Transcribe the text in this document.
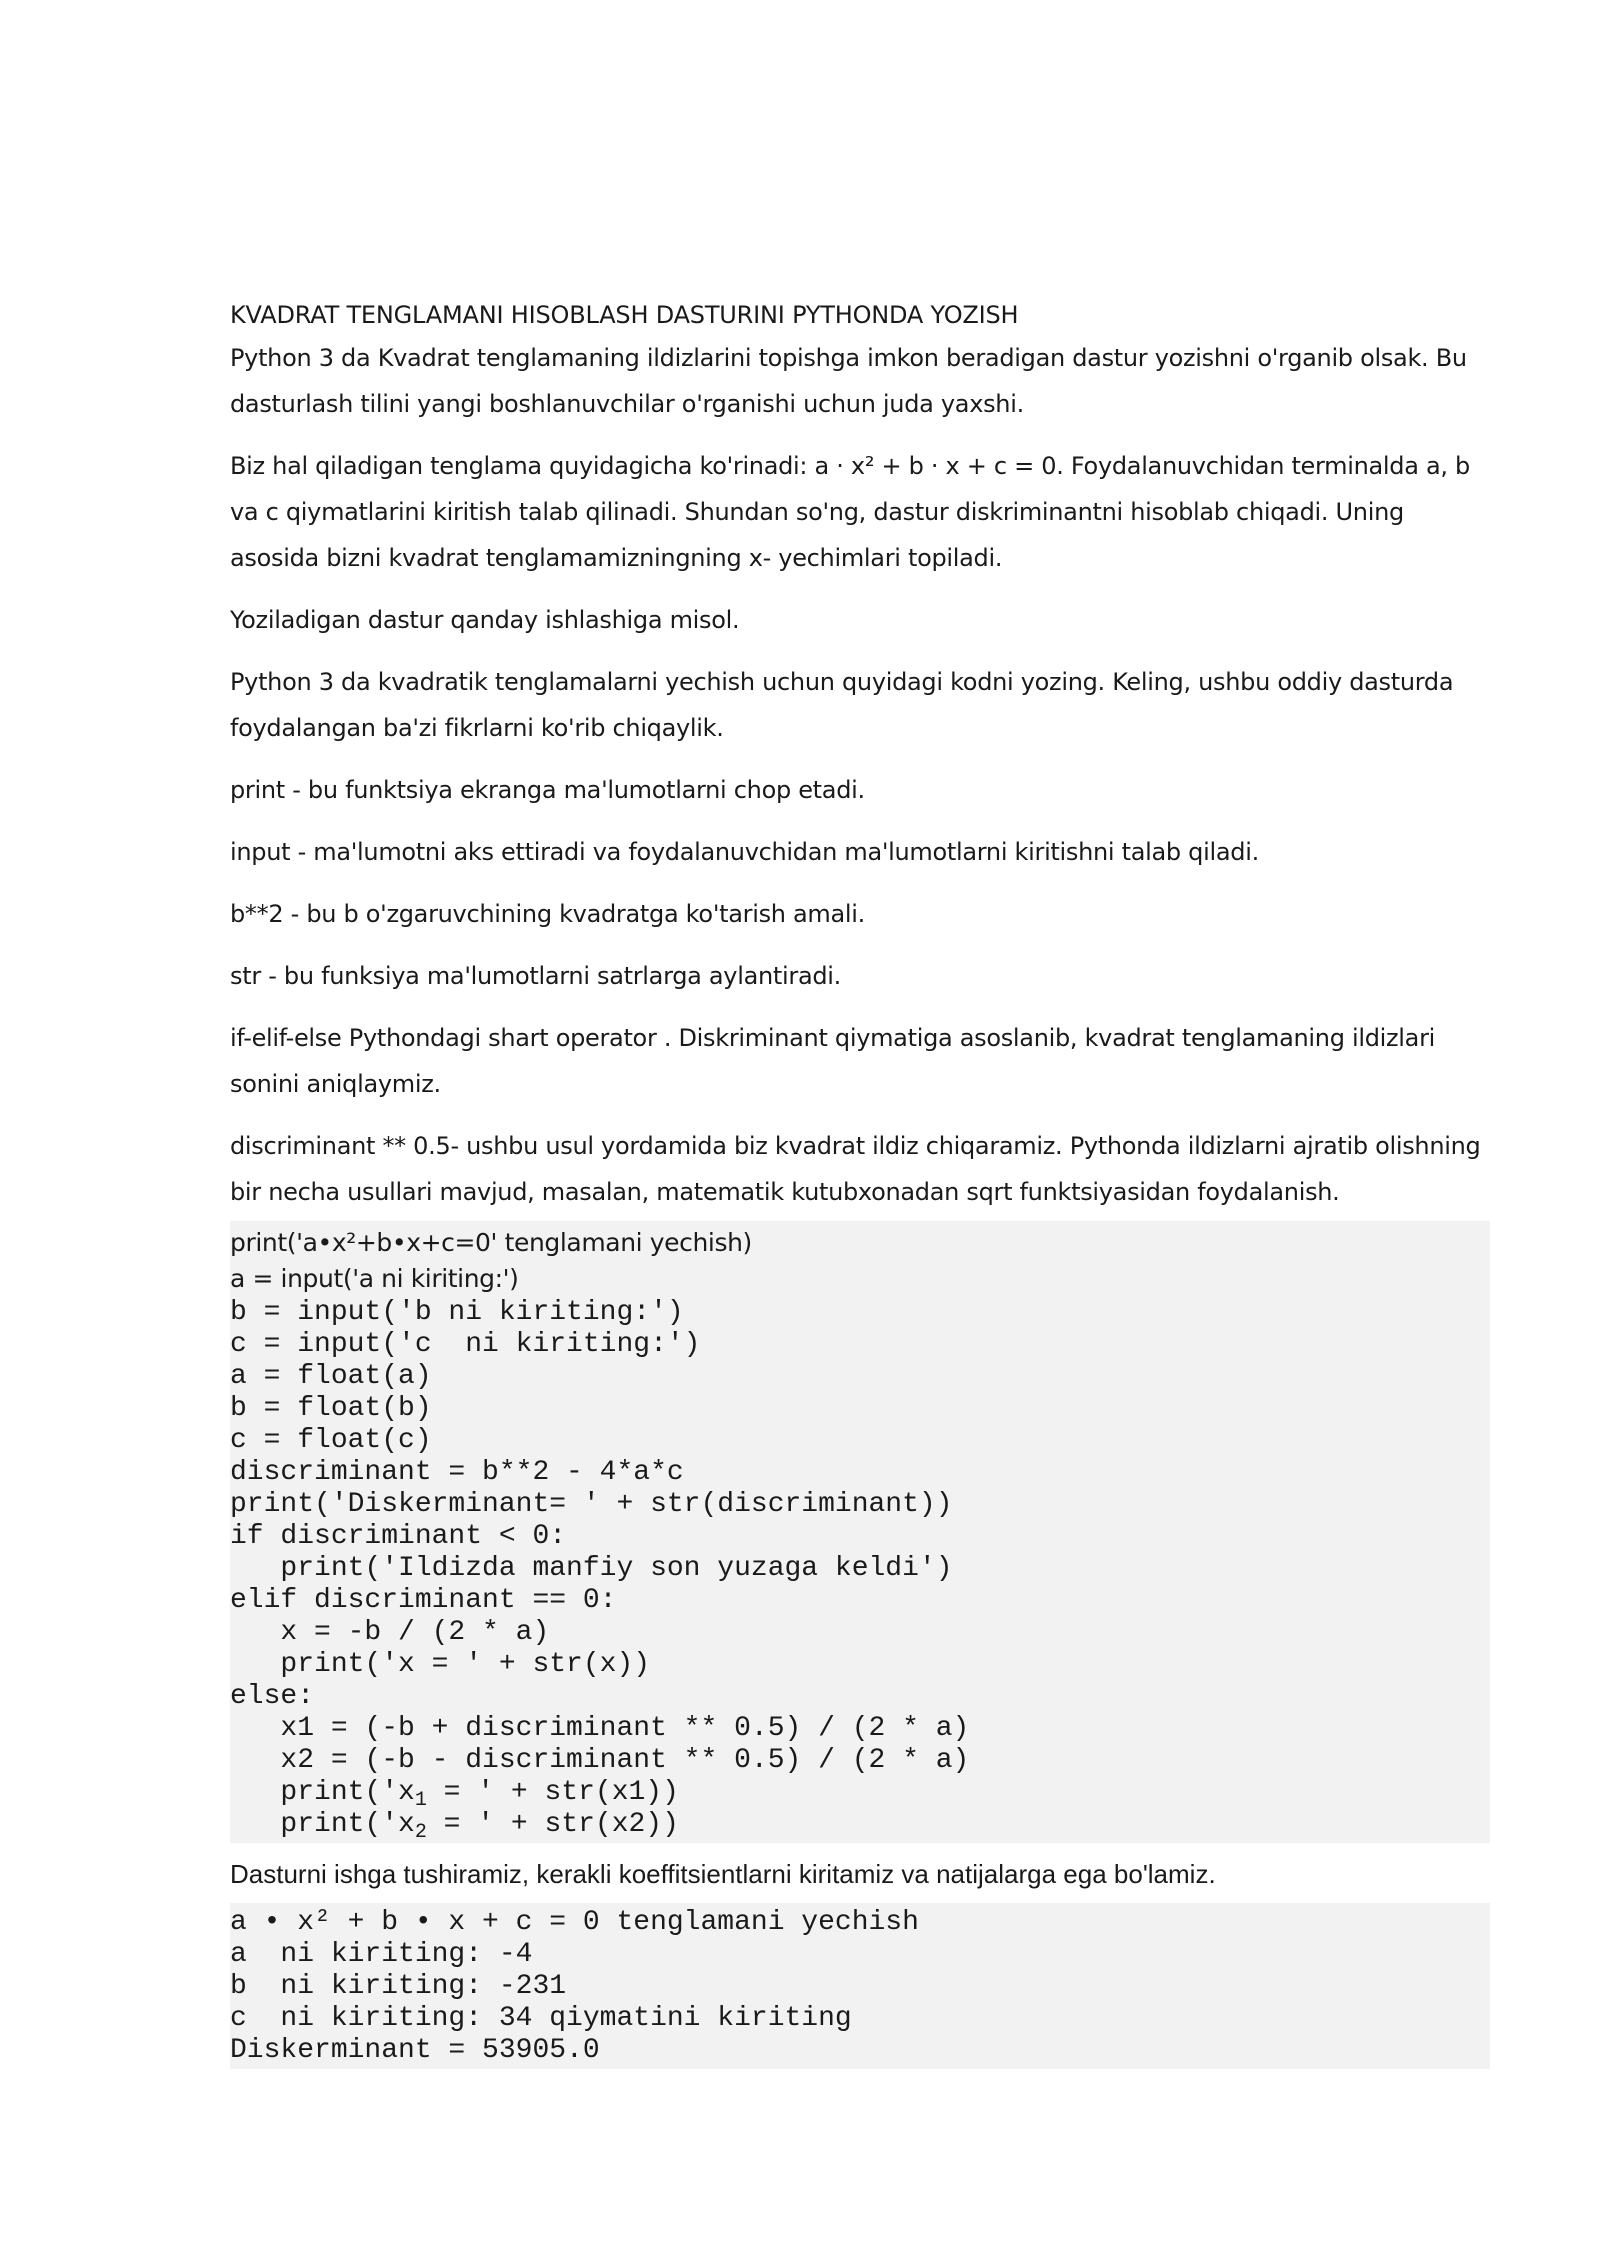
KVADRAT TENGLAMANI HISOBLASH DASTURINI PYTHONDA YOZISH

Python 3 da Kvadrat tenglamaning ildizlarini topishga imkon beradigan dastur yozishni o'rganib olsak. Bu dasturlash tilini yangi boshlanuvchilar o'rganishi uchun juda yaxshi.

Biz hal qiladigan tenglama quyidagicha ko'rinadi: a · x² + b · x + c = 0. Foydalanuvchidan terminalda a, b va c qiymatlarini kiritish talab qilinadi. Shundan so'ng, dastur diskriminantni hisoblab chiqadi. Uning asosida bizni kvadrat tenglamamizningning x- yechimlari topiladi.

Yoziladigan dastur qanday ishlashiga misol.

Python 3 da kvadratik tenglamalarni yechish uchun quyidagi kodni yozing. Keling, ushbu oddiy dasturda foydalangan ba'zi fikrlarni ko'rib chiqaylik.

print - bu funktsiya ekranga ma'lumotlarni chop etadi.

input - ma'lumotni aks ettiradi va foydalanuvchidan ma'lumotlarni kiritishni talab qiladi.

b**2 - bu b o'zgaruvchining kvadratga ko'tarish amali.

str - bu funksiya ma'lumotlarni satrlarga aylantiradi.

if-elif-else Pythondagi shart operator . Diskriminant qiymatiga asoslanib, kvadrat tenglamaning ildizlari sonini aniqlaymiz.

discriminant ** 0.5- ushbu usul yordamida biz kvadrat ildiz chiqaramiz. Pythonda ildizlarni ajratib olishning bir necha usullari mavjud, masalan, matematik kutubxonadan sqrt funktsiyasidan foydalanish.

print('a•x²+b•x+c=0' tenglamani yechish)
a = input('a ni kiriting:')
b = input('b ni kiriting:')
c = input('c  ni kiriting:')
a = float(a)
b = float(b)
c = float(c)
discriminant = b**2 - 4*a*c
print('Diskerminant= ' + str(discriminant))
if discriminant < 0:
print('Ildizda manfiy son yuzaga keldi')
elif discriminant == 0:
x = -b / (2 * a)
print('x = ' + str(x))
else:
x1 = (-b + discriminant ** 0.5) / (2 * a)
x2 = (-b - discriminant ** 0.5) / (2 * a)
$print('x_1$ = ' + str(x1))
$print('x_2$ = ' + str(x2))
Dasturni ishga tushiramiz, kerakli koeffitsientlarni kiritamiz va natijalarga ega bo'lamiz.
a • x² + b • x + c = 0 tenglamani yechish
a  ni kiriting: -4
b  ni kiriting: -231
c  ni kiriting: 34 qiymatini kiriting
Diskerminant = 53905.0
